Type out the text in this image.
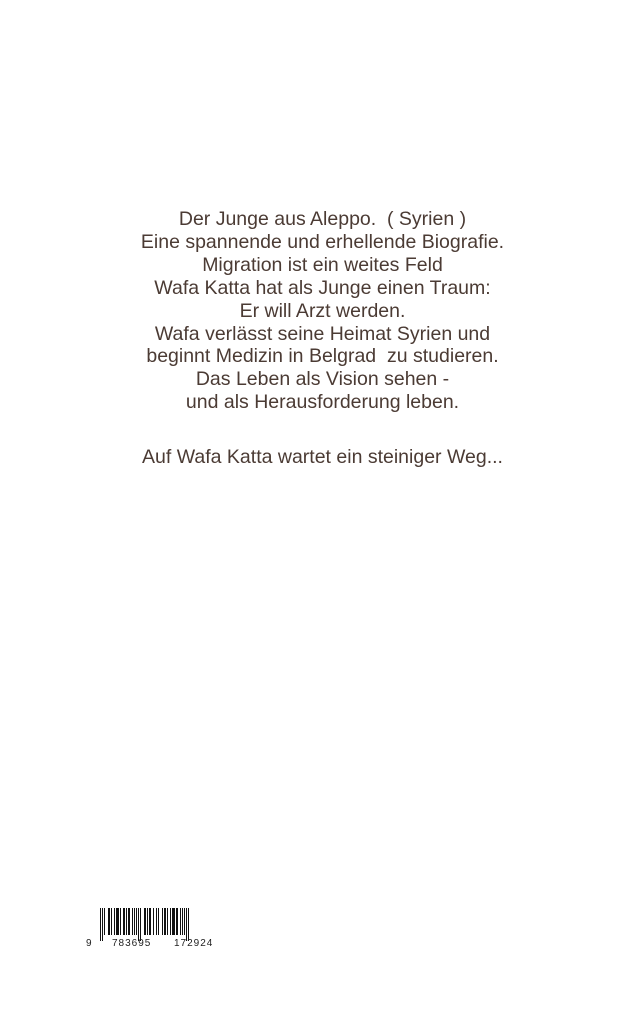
Der Junge aus Aleppo.  ( Syrien )
Eine spannende und erhellende Biografie.
Migration ist ein weites Feld
Wafa Katta hat als Junge einen Traum:
Er will Arzt werden.
Wafa verlässt seine Heimat Syrien und
beginnt Medizin in Belgrad  zu studieren.
Das Leben als Vision sehen -
und als Herausforderung leben.
Auf Wafa Katta wartet ein steiniger Weg...
9 783695 172924
